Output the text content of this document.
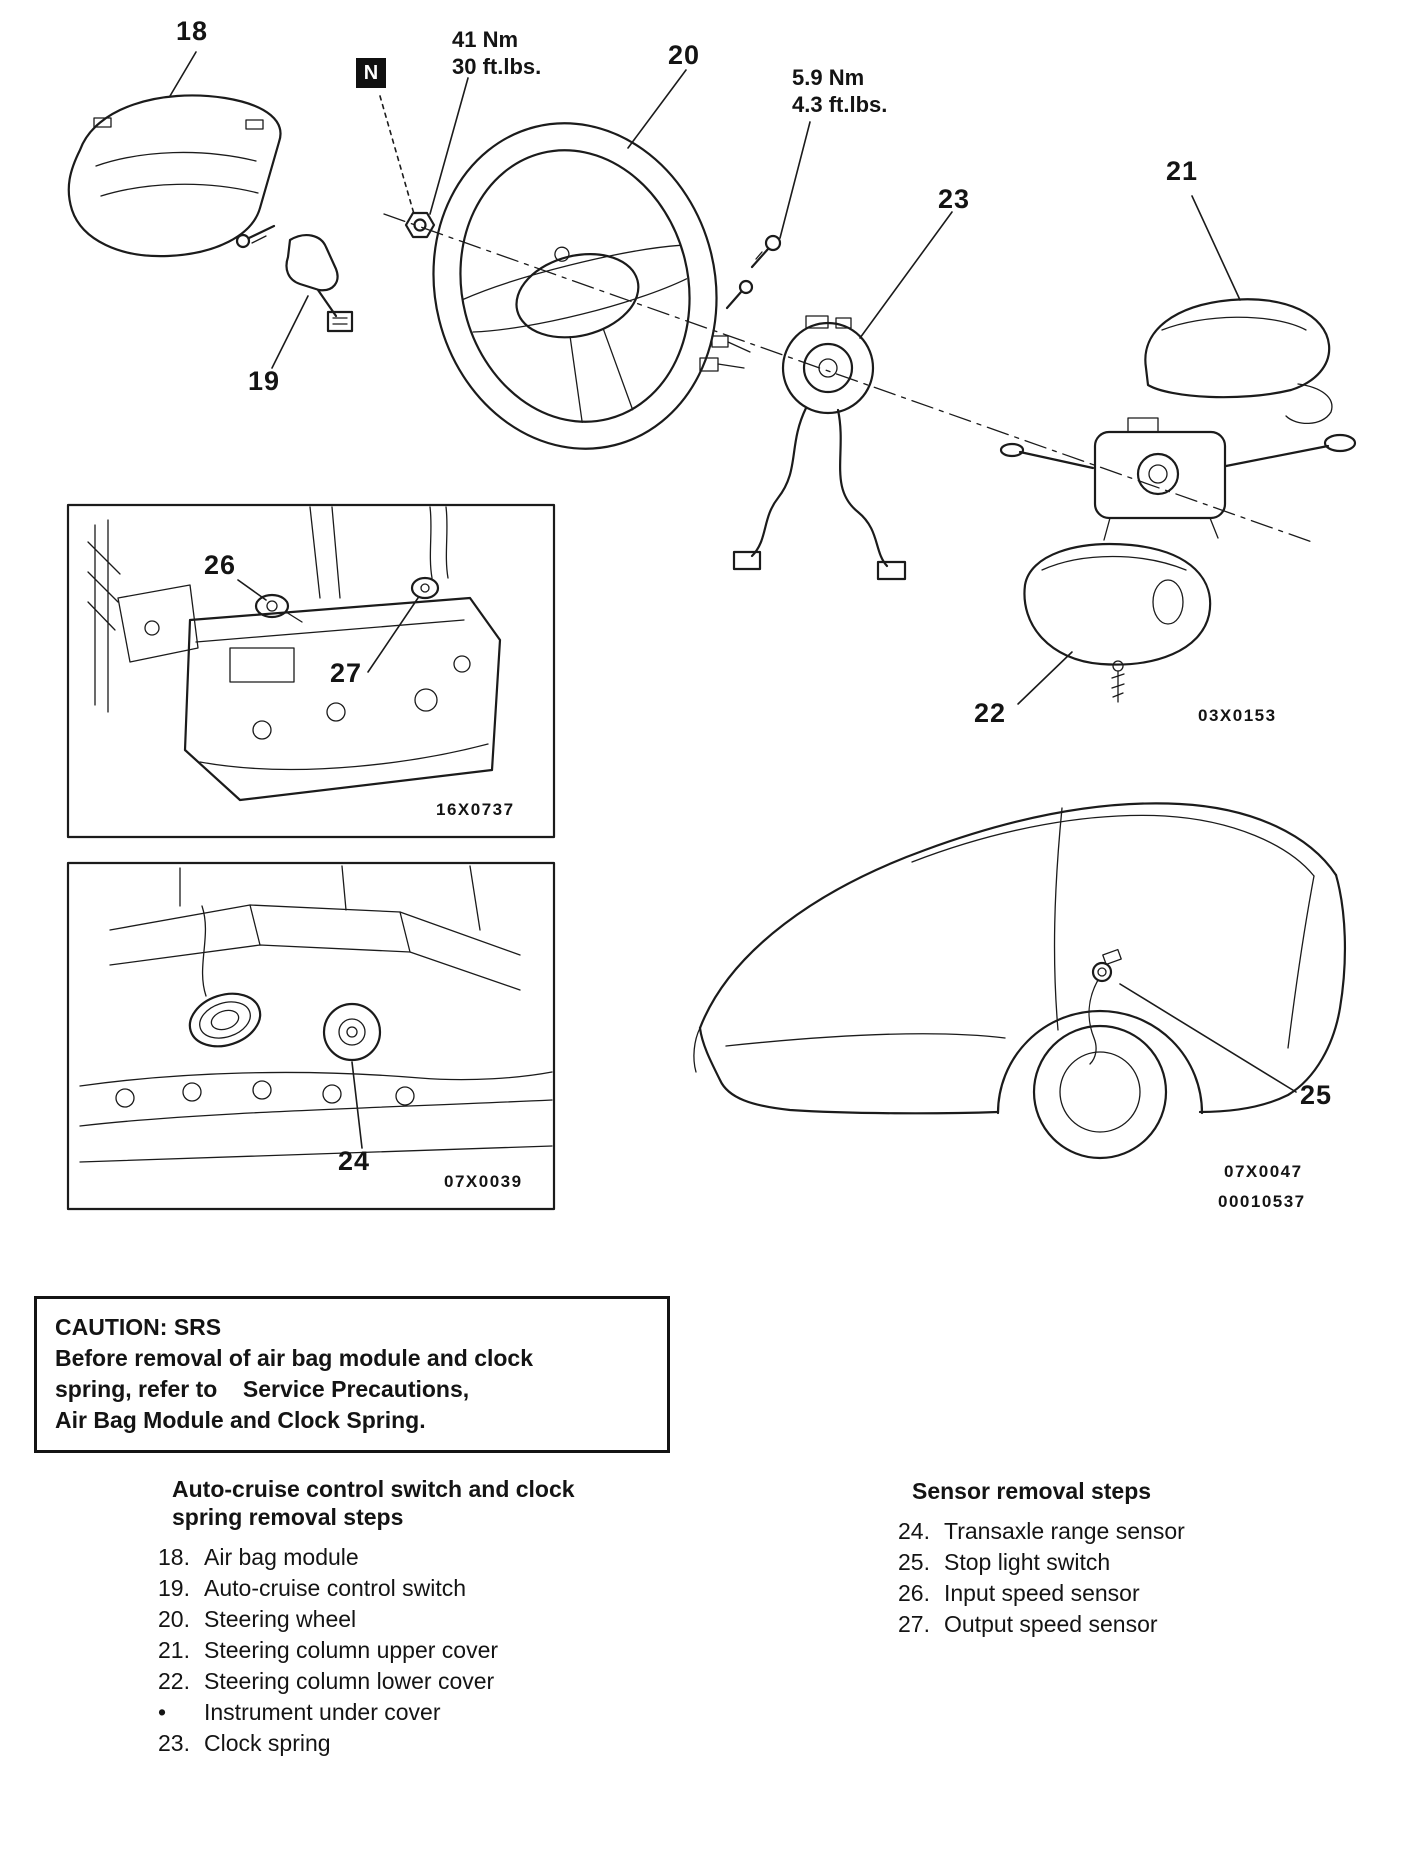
18
19
20
21
22
23
26
27
24
25
41 Nm
30 ft.lbs.	5.9 Nm
4.3 ft.lbs.
N
03X0153
16X0737
07X0039
07X0047
00010537
CAUTION: SRS
Before removal of air bag module and clock
spring, refer to    Service Precautions,
Air Bag Module and Clock Spring.
Auto-cruise control switch and clock
spring removal steps
18. Air bag module
19. Auto-cruise control switch
20. Steering wheel
21. Steering column upper cover
22. Steering column lower cover
•	Instrument under cover
23. Clock spring
Sensor removal steps
24. Transaxle range sensor
25. Stop light switch
26. Input speed sensor
27. Output speed sensor
